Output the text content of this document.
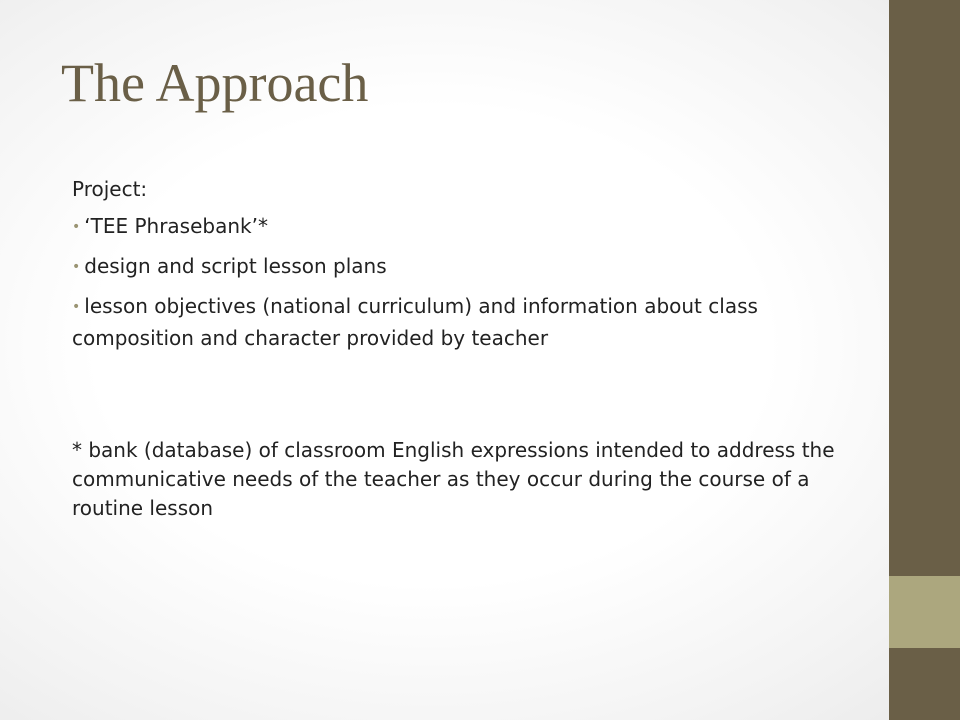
The Approach

Project:

• ‘TEE Phrasebank’*

• design and script lesson plans

• lesson objectives (national curriculum) and information about class composition and character provided by teacher

* bank (database) of classroom English expressions intended to address the communicative needs of the teacher as they occur during the course of a routine lesson
